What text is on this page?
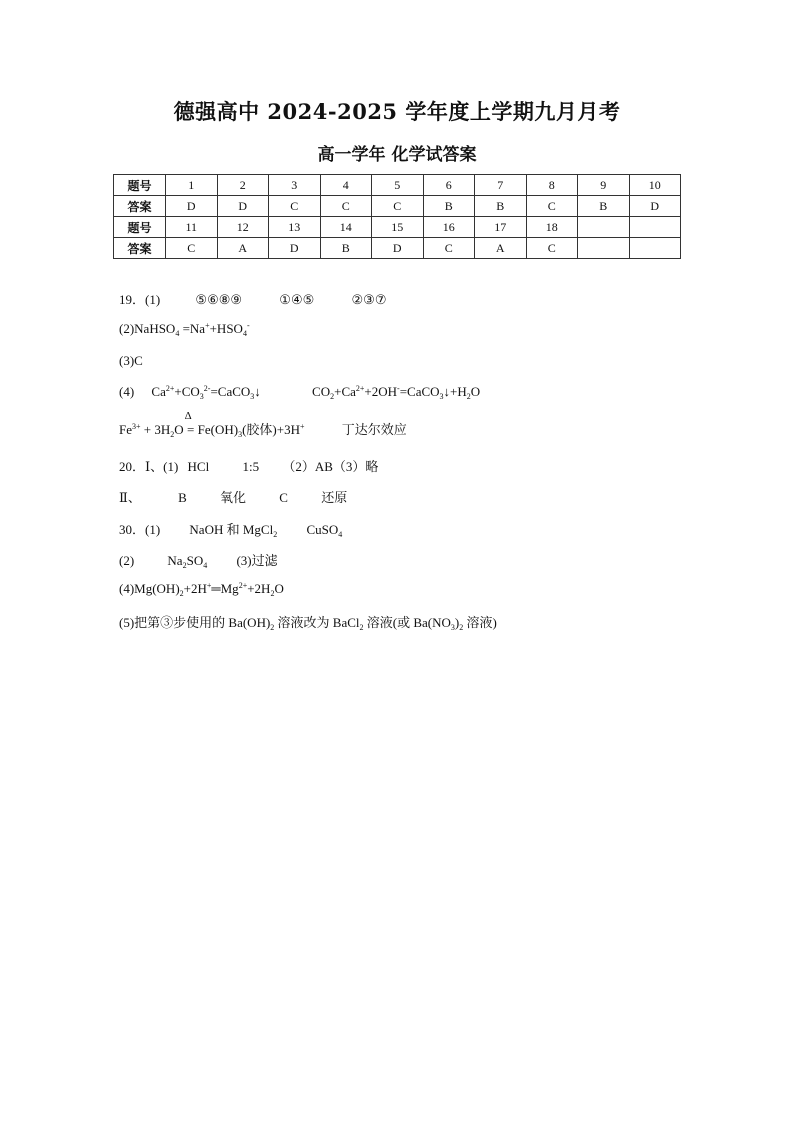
德强高中 2024-2025 学年度上学期九月月考
高一学年 化学试答案
题号	1	2	3	4	5	6	7	8	9	10
答案	D	D	C	C	C	B	B	C	B	D
题号	11	12	13	14	15	16	17	18		
答案	C	A	D	B	D	C	A	C		
19．(1)	⑤⑥⑧⑨	①④⑤	②③⑦
(2)NaHSO$_4$ $=Na^++HSO_4^-$
(3)C
(4) $Ca^{2+}+CO_3^{2-}=CaCO_3↓$	$CO_2+Ca^{2+}+2OH^-=CaCO_3↓+H_2O$
$Fe^{3+} + 3H_2O$
Δ
= $Fe(OH)_3$(胶体)+3H+	丁达尔效应
20．Ⅰ、(1) HCl	1:5 （2）AB（3）略
Ⅱ、	B	氧化	C	还原
30．(1) NaOH 和 MgCl$_2$ CuSO$_4$
(2)	$Na_2SO_4$ (3)过滤
$(4)Mg(OH)_2+2H^+═Mg^{2+}+2H_2O$
(5)把第③步使用的 $Ba(OH)_2$ 溶液改为 BaCl$_2$ 溶液(或 $Ba(NO_3)_2$ 溶液)
